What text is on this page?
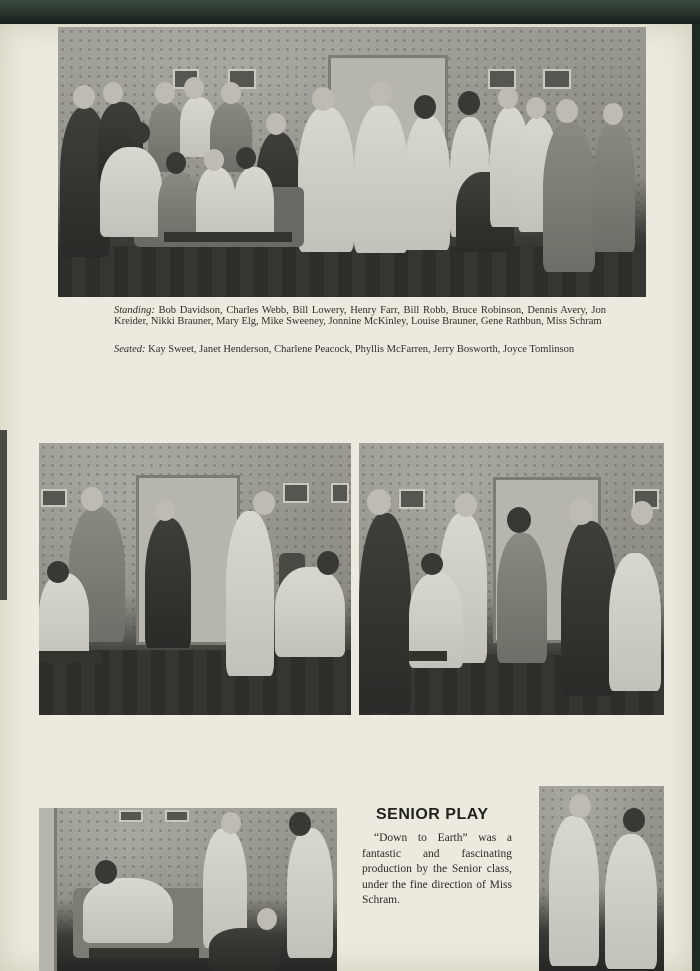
Standing: Bob Davidson, Charles Webb, Bill Lowery, Henry Farr, Bill Robb, Bruce Robinson, Dennis Avery, Jon Kreider, Nikki Brauner, Mary Elg, Mike Sweeney, Jonnine McKinley, Louise Brauner, Gene Rathbun, Miss Schram
Seated: Kay Sweet, Janet Henderson, Charlene Peacock, Phyllis McFarren, Jerry Bosworth, Joyce Tomlinson
SENIOR PLAY
“Down to Earth” was a fantastic and fascinating production by the Senior class, under the fine direction of Miss Schram.
